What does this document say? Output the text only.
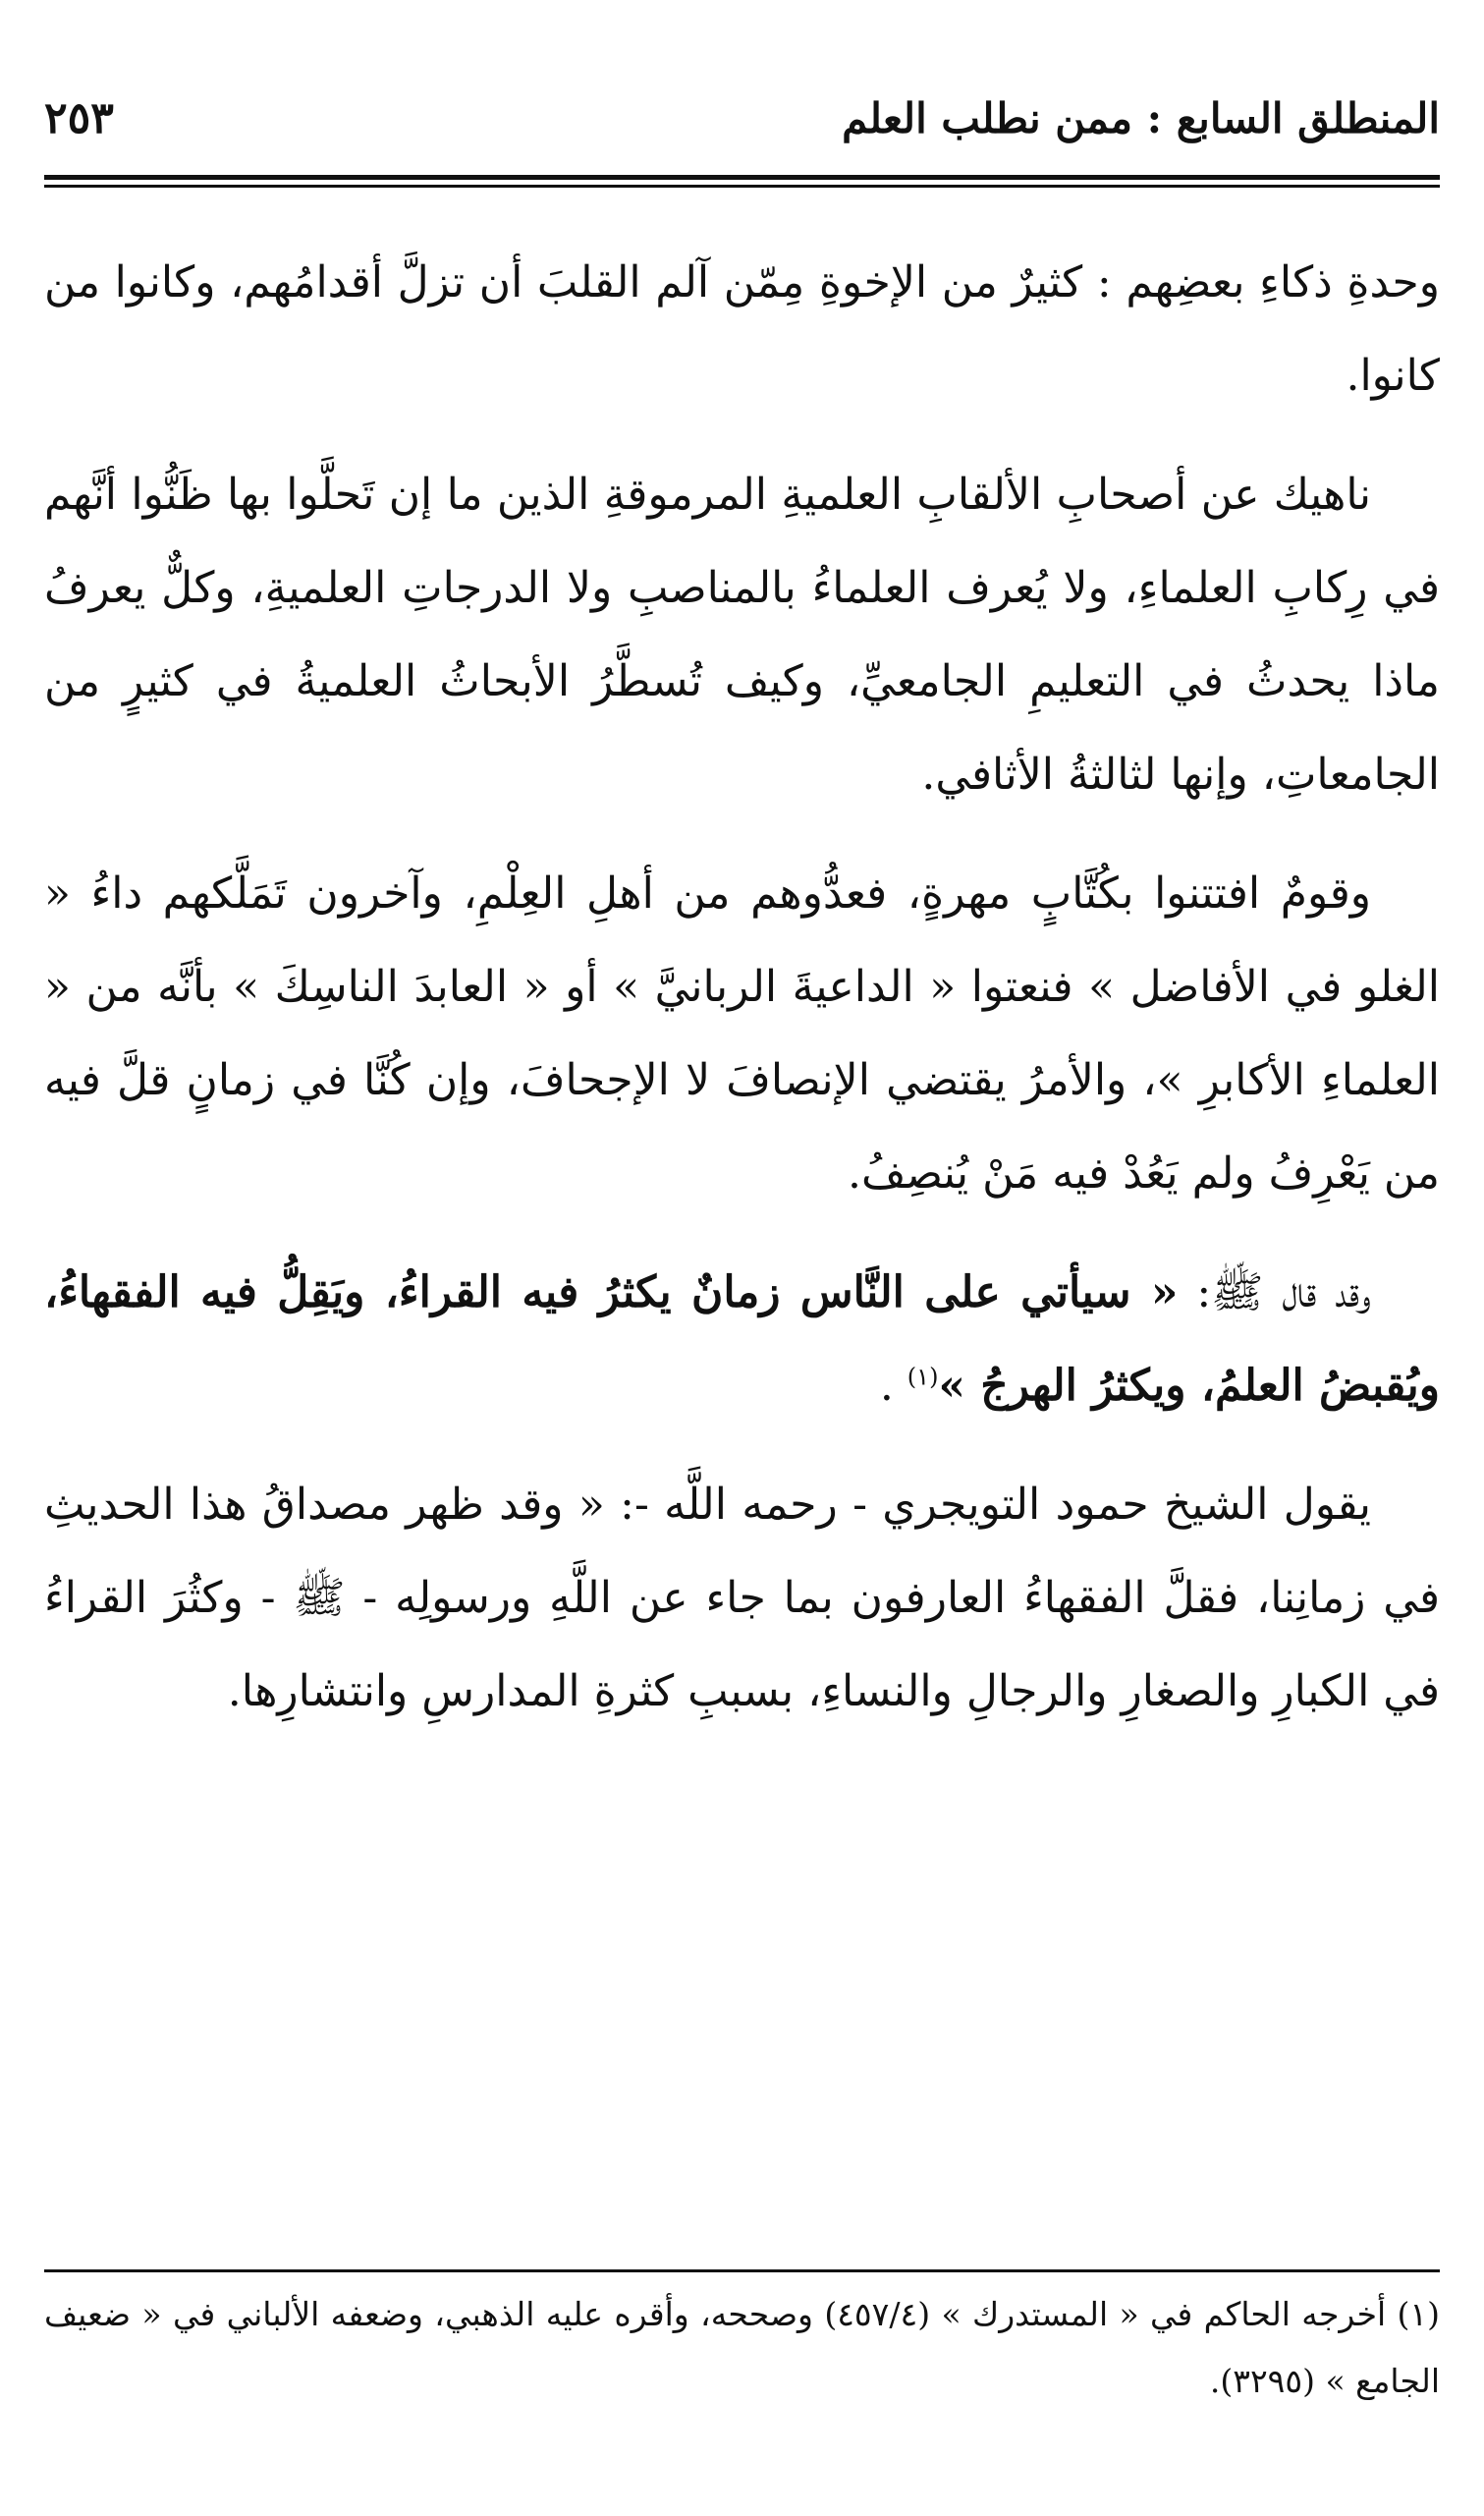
المنطلق السابع : ممن نطلب العلم
٢٥٣

وحدةِ ذكاءِ بعضِهم : كثيرٌ من الإخوةِ مِمّن آلم القلبَ أن تزلَّ أقدامُهم، وكانوا من كانوا.

ناهيك عن أصحابِ الألقابِ العلميةِ المرموقةِ الذين ما إن تَحلَّوا بها ظَنُّوا أنَّهم في رِكابِ العلماءِ، ولا يُعرف العلماءُ بالمناصبِ ولا الدرجاتِ العلميةِ، وكلٌّ يعرفُ ماذا يحدثُ في التعليمِ الجامعيِّ، وكيف تُسطَّرُ الأبحاثُ العلميةُ في كثيرٍ من الجامعاتِ، وإنها لثالثةُ الأثافي.

وقومٌ افتتنوا بكُتَّابٍ مهرةٍ، فعدُّوهم من أهلِ العِلْمِ، وآخرون تَمَلَّكهم داءُ « الغلو في الأفاضل » فنعتوا « الداعيةَ الربانيَّ » أو « العابدَ الناسِكَ » بأنَّه من « العلماءِ الأكابرِ »، والأمرُ يقتضي الإنصافَ لا الإجحافَ، وإن كُنَّا في زمانٍ قلَّ فيه من يَعْرِفُ ولم يَعُدْ فيه مَنْ يُنصِفُ.

وقد قال ﷺ: « سيأتي على النَّاس زمانٌ يكثرُ فيه القراءُ، ويَقِلُّ فيه الفقهاءُ، ويُقبضُ العلمُ، ويكثرُ الهرجُ »$^{(١)}$ .

يقول الشيخ حمود التويجري - رحمه اللَّه -: « وقد ظهر مصداقُ هذا الحديثِ في زمانِنا، فقلَّ الفقهاءُ العارفون بما جاء عن اللَّهِ ورسولِه - ﷺ - وكثُرَ القراءُ في الكبارِ والصغارِ والرجالِ والنساءِ، بسببِ كثرةِ المدارسِ وانتشارِها.

(١) أخرجه الحاكم في « المستدرك » (٤٥٧/٤) وصححه، وأقره عليه الذهبي، وضعفه الألباني في « ضعيف الجامع » (٣٢٩٥).
